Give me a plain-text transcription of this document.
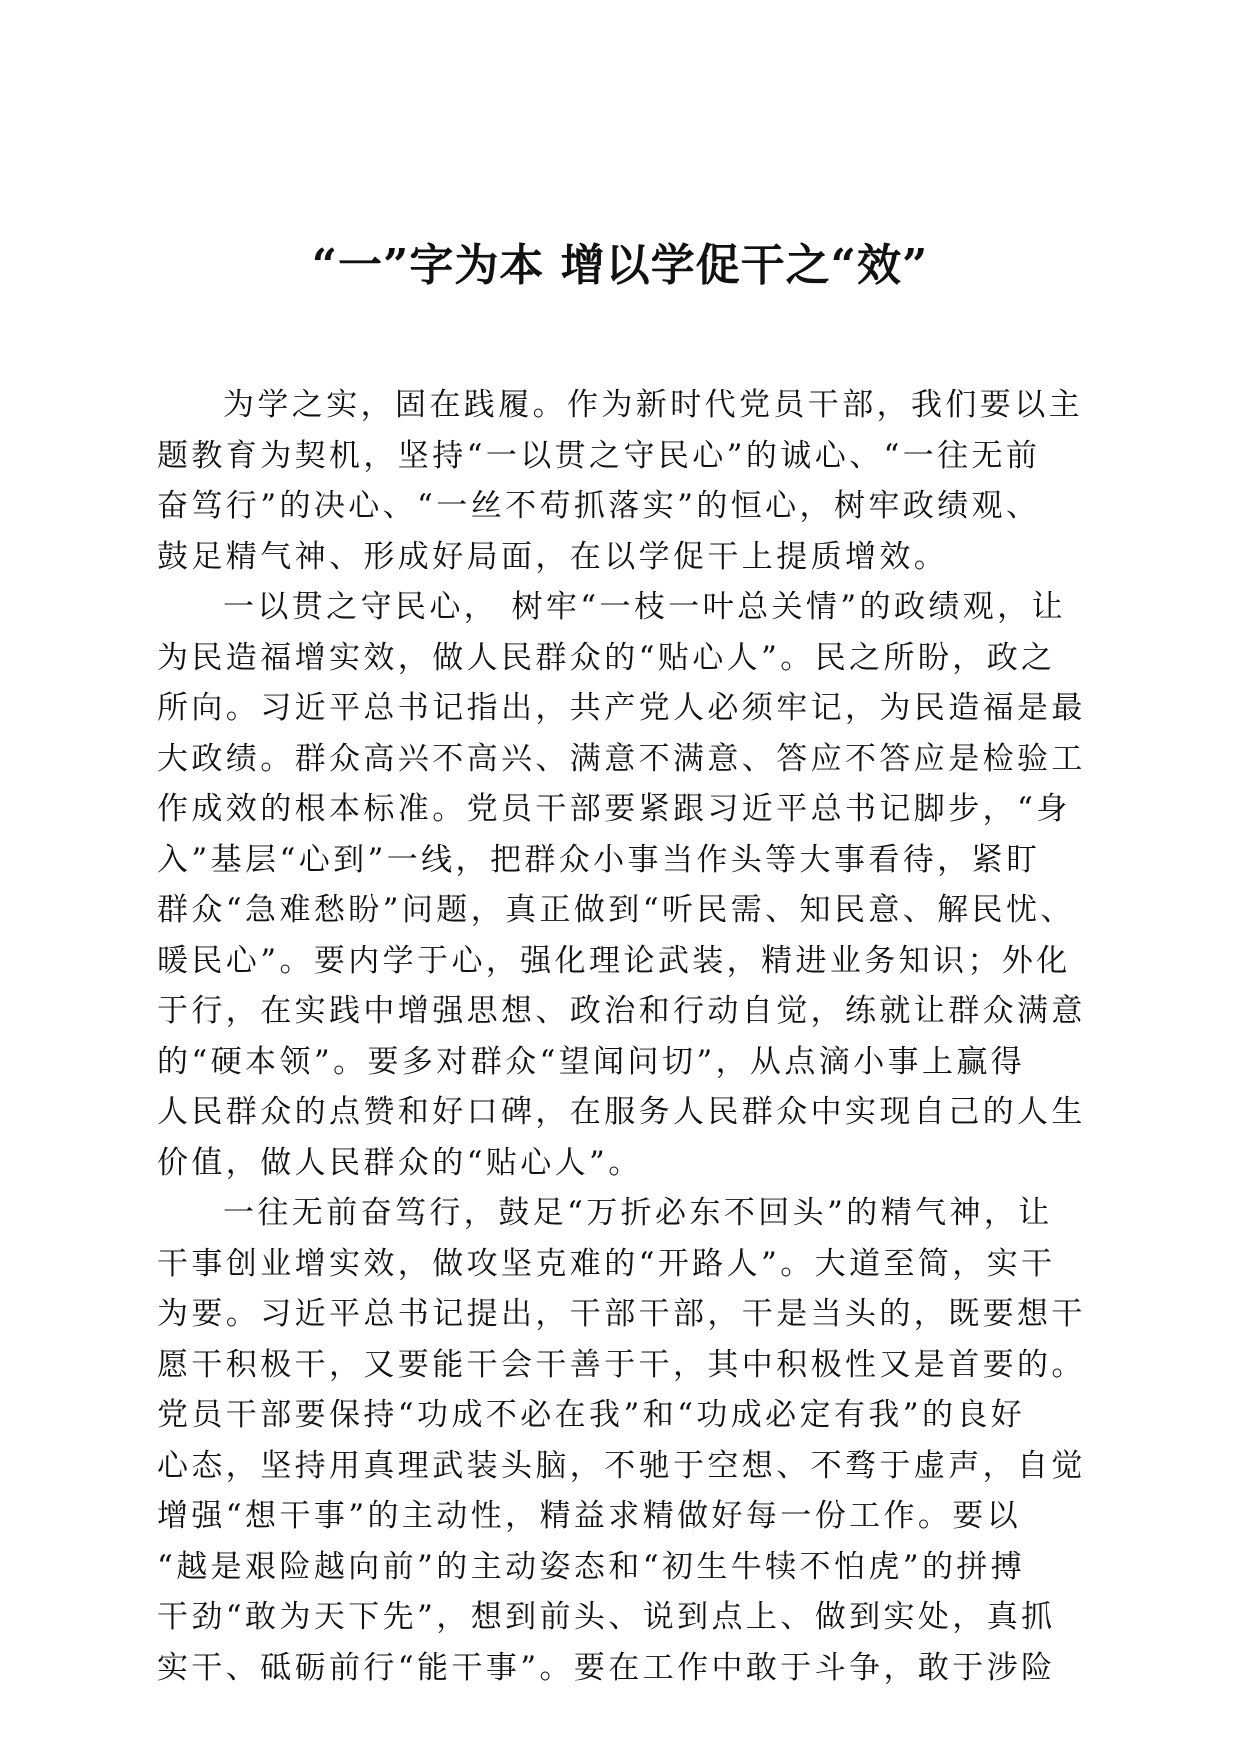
“一”字为本 增以学促干之“效”
为学之实，固在践履。作为新时代党员干部，我们要以主
题教育为契机，坚持“一以贯之守民心”的诚心、“一往无前
奋笃行”的决心、“一丝不苟抓落实”的恒心，树牢政绩观、
鼓足精气神、形成好局面，在以学促干上提质增效。
一以贯之守民心， 树牢“一枝一叶总关情”的政绩观，让
为民造福增实效，做人民群众的“贴心人”。民之所盼，政之
所向。习近平总书记指出，共产党人必须牢记，为民造福是最
大政绩。群众高兴不高兴、满意不满意、答应不答应是检验工
作成效的根本标准。党员干部要紧跟习近平总书记脚步，“身
入”基层“心到”一线，把群众小事当作头等大事看待，紧盯
群众“急难愁盼”问题，真正做到“听民需、知民意、解民忧、
暖民心”。要内学于心，强化理论武装，精进业务知识；外化
于行，在实践中增强思想、政治和行动自觉，练就让群众满意
的“硬本领”。要多对群众“望闻问切”，从点滴小事上赢得
人民群众的点赞和好口碑，在服务人民群众中实现自己的人生
价值，做人民群众的“贴心人”。
一往无前奋笃行，鼓足“万折必东不回头”的精气神，让
干事创业增实效，做攻坚克难的“开路人”。大道至简，实干
为要。习近平总书记提出，干部干部，干是当头的，既要想干
愿干积极干，又要能干会干善于干，其中积极性又是首要的。
党员干部要保持“功成不必在我”和“功成必定有我”的良好
心态，坚持用真理武装头脑，不驰于空想、不骛于虚声，自觉
增强“想干事”的主动性，精益求精做好每一份工作。要以
“越是艰险越向前”的主动姿态和“初生牛犊不怕虎”的拼搏
干劲“敢为天下先”，想到前头、说到点上、做到实处，真抓
实干、砥砺前行“能干事”。要在工作中敢于斗争，敢于涉险
